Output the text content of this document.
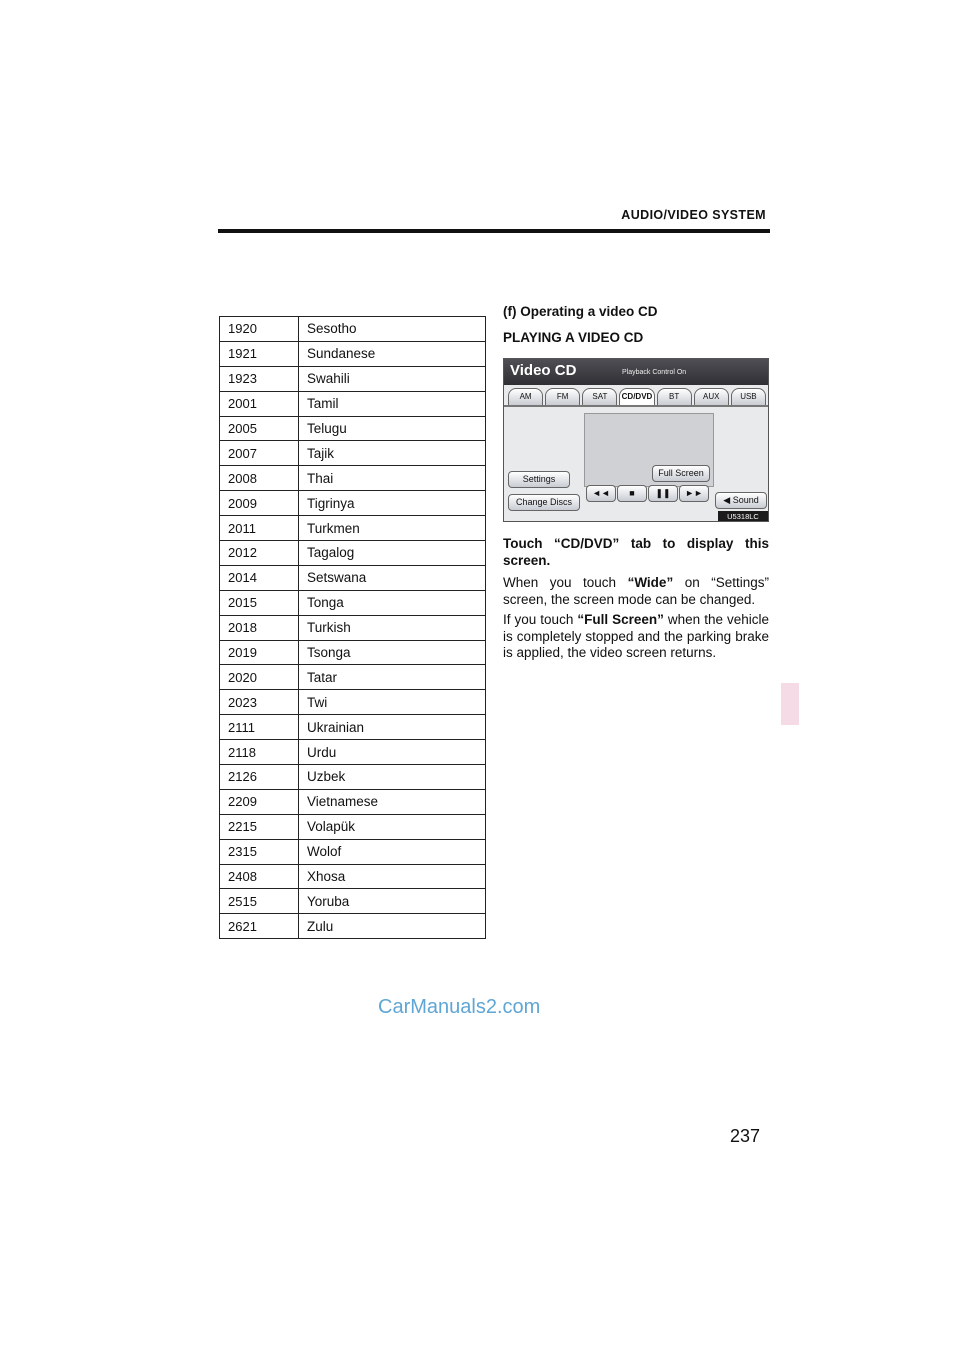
AUDIO/VIDEO SYSTEM
1920	Sesotho
1921	Sundanese
1923	Swahili
2001	Tamil
2005	Telugu
2007	Tajik
2008	Thai
2009	Tigrinya
2011	Turkmen
2012	Tagalog
2014	Setswana
2015	Tonga
2018	Turkish
2019	Tsonga
2020	Tatar
2023	Twi
2111	Ukrainian
2118	Urdu
2126	Uzbek
2209	Vietnamese
2215	Volapük
2315	Wolof
2408	Xhosa
2515	Yoruba
2621	Zulu
(f) Operating a video CD
PLAYING A VIDEO CD
Video CD	Playback Control On
AM	FM	SAT	CD/DVD	BT	AUX	USB
Settings
Change Discs
Full Screen
◄◄	■	❚❚	►►
◀ Sound
U5318LC

Touch “CD/DVD” tab to display this screen.

When you touch “Wide” on “Settings” screen, the screen mode can be changed.

If you touch “Full Screen” when the vehicle is completely stopped and the parking brake is applied, the video screen returns.

CarManuals2.com
237
